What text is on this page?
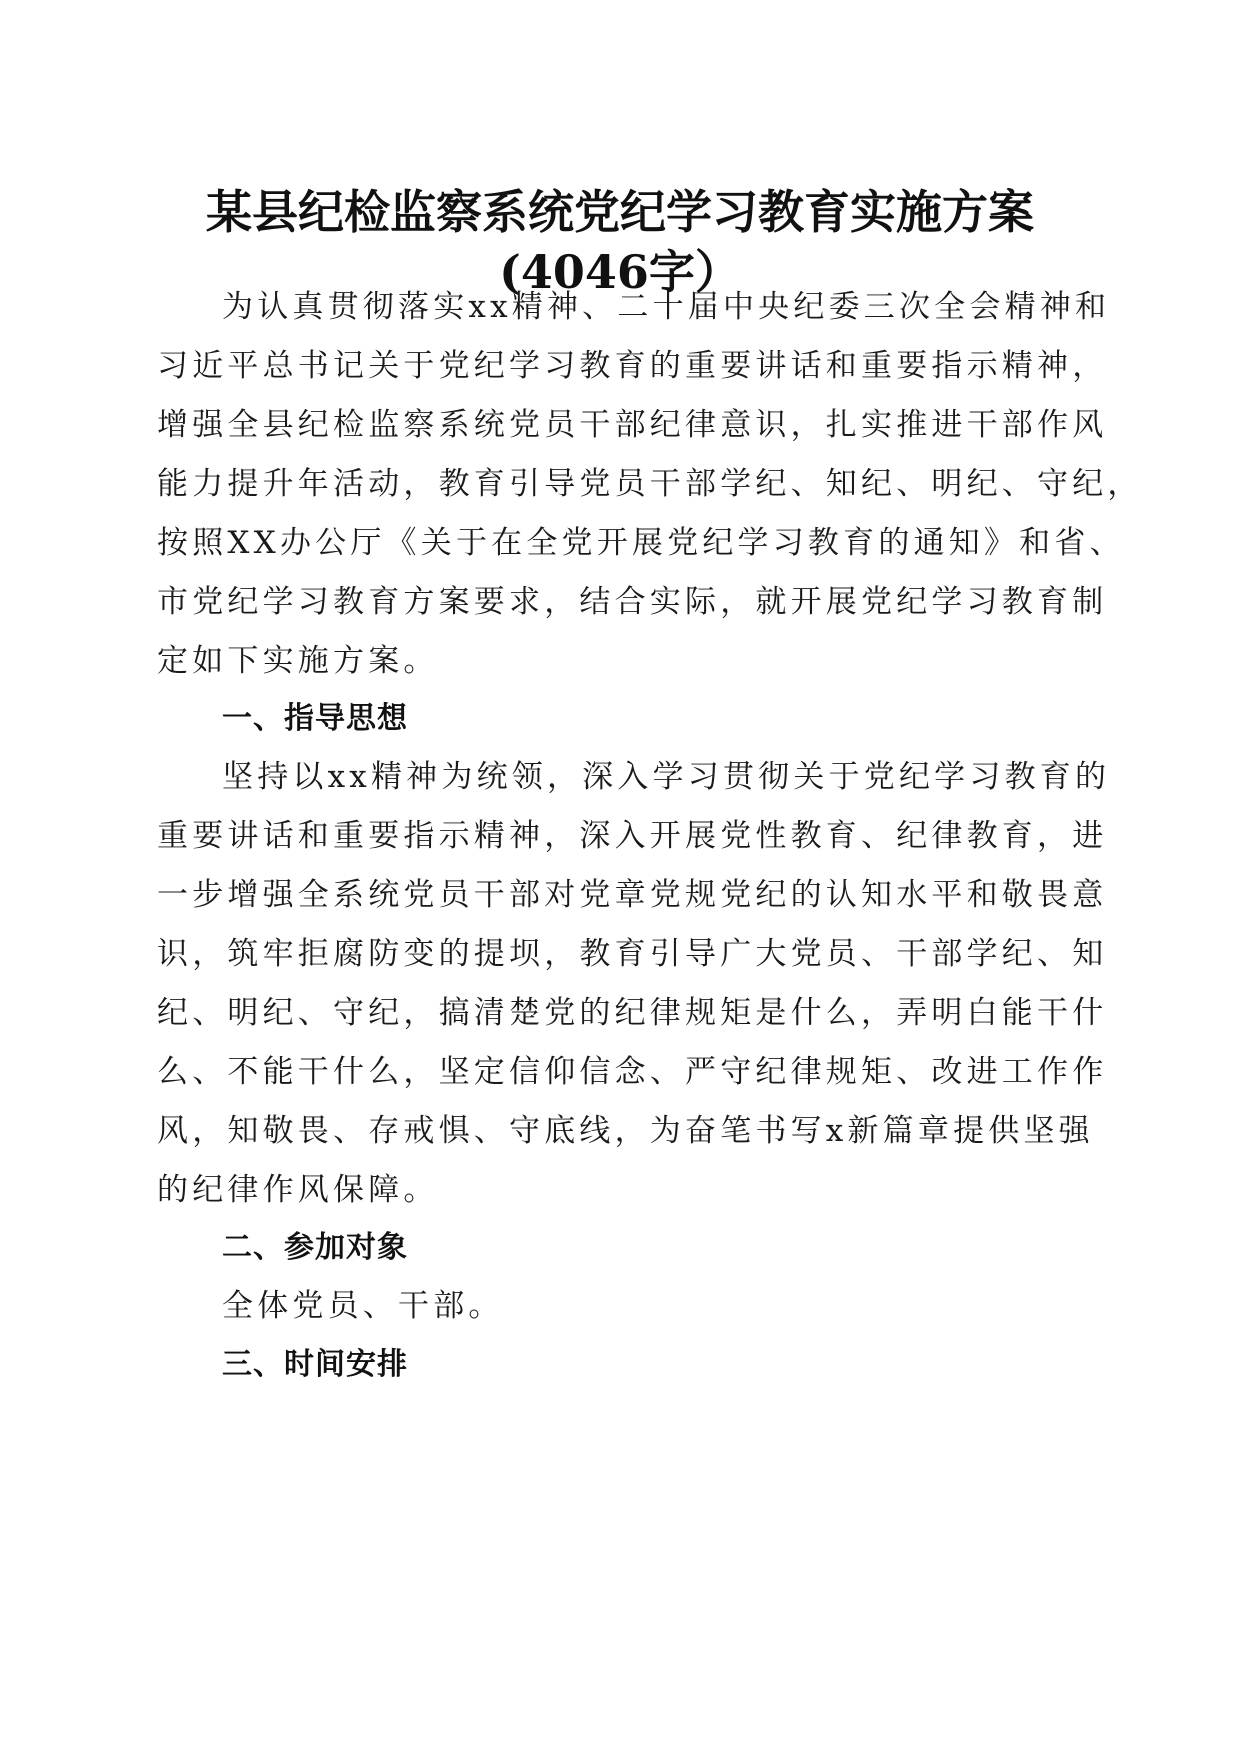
某县纪检监察系统党纪学习教育实施方案
(4046字）
为认真贯彻落实xx精神、二十届中央纪委三次全会精神和
习近平总书记关于党纪学习教育的重要讲话和重要指示精神，
增强全县纪检监察系统党员干部纪律意识，扎实推进干部作风
能力提升年活动，教育引导党员干部学纪、知纪、明纪、守纪，
按照XX办公厅《关于在全党开展党纪学习教育的通知》和省、
市党纪学习教育方案要求，结合实际，就开展党纪学习教育制
定如下实施方案。
一、指导思想
坚持以xx精神为统领，深入学习贯彻关于党纪学习教育的
重要讲话和重要指示精神，深入开展党性教育、纪律教育，进
一步增强全系统党员干部对党章党规党纪的认知水平和敬畏意
识，筑牢拒腐防变的提坝，教育引导广大党员、干部学纪、知
纪、明纪、守纪，搞清楚党的纪律规矩是什么，弄明白能干什
么、不能干什么，坚定信仰信念、严守纪律规矩、改进工作作
风，知敬畏、存戒惧、守底线，为奋笔书写x新篇章提供坚强
的纪律作风保障。
二、参加对象
全体党员、干部。
三、时间安排
